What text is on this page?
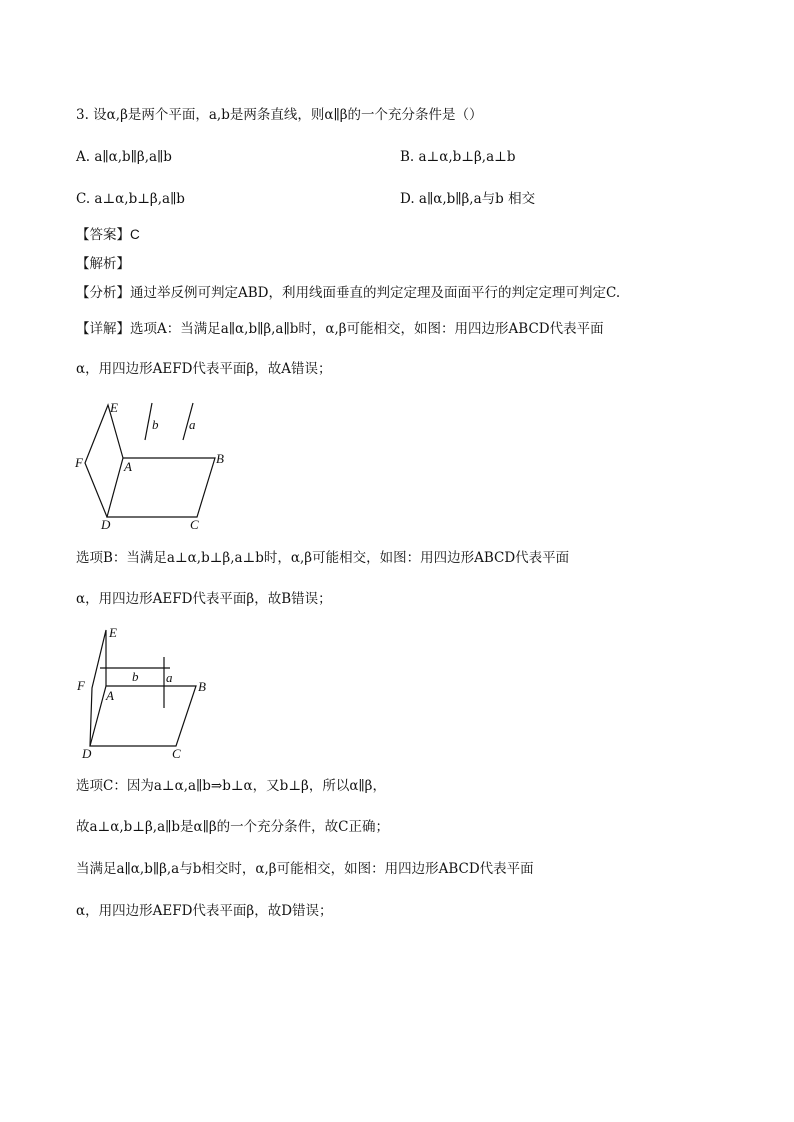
3. 设α,β是两个平面，a,b是两条直线，则α∥β的一个充分条件是（）
A. a∥α,b∥β,a∥b	B. a⊥α,b⊥β,a⊥b
C. a⊥α,b⊥β,a∥b	D. a∥α,b∥β,a与b 相交
【答案】C
【解析】
【分析】通过举反例可判定ABD，利用线面垂直的判定定理及面面平行的判定定理可判定C.
【详解】选项A：当满足a∥α,b∥β,a∥b时，α,β可能相交，如图：用四边形ABCD代表平面
α，用四边形AEFD代表平面β，故A错误；
E
F	A
B
C
D
b a
选项B：当满足a⊥α,b⊥β,a⊥b时，α,β可能相交，如图：用四边形ABCD代表平面
α，用四边形AEFD代表平面β，故B错误；
E
F
A
B
C
D
b a
选项C：因为a⊥α,a∥b⇒b⊥α，又b⊥β，所以α∥β，
故a⊥α,b⊥β,a∥b是α∥β的一个充分条件，故C正确；
当满足a∥α,b∥β,a与b相交时，α,β可能相交，如图：用四边形ABCD代表平面
α，用四边形AEFD代表平面β，故D错误；
